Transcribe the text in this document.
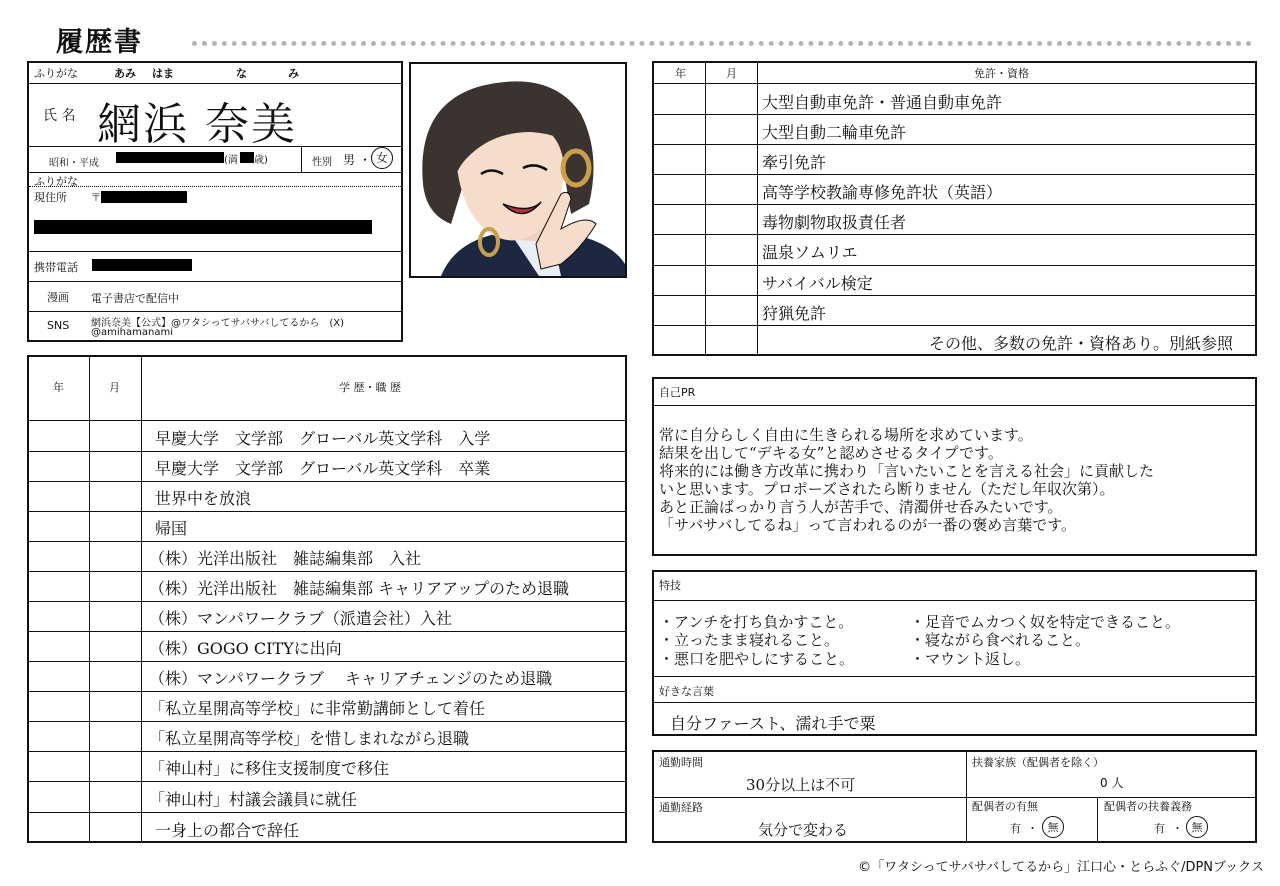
履歴書
ふりがな	あみ はま	な	み
氏 名 網浜 奈美
昭和・平成	(満 歳)	性別 男 ・ 女
ふりがな
現住所 〒
携帯電話
漫画 電子書店で配信中
SNS 網浜奈美【公式】@ワタシってサバサバしてるから　(X)
@amihamanami
年	月	免許・資格
大型自動車免許・普通自動車免許
大型自動二輪車免許
牽引免許
高等学校教諭専修免許状（英語）
毒物劇物取扱責任者
温泉ソムリエ
サバイバル検定
狩猟免許
その他、多数の免許・資格あり。別紙参照
年	月	学 歴・職 歴
早慶大学　文学部　グローバル英文学科　入学
早慶大学　文学部　グローバル英文学科　卒業
世界中を放浪
帰国
（株）光洋出版社　雑誌編集部　入社
（株）光洋出版社　雑誌編集部 キャリアアップのため退職
（株）マンパワークラブ（派遣会社）入社
（株）GOGO CITYに出向
（株）マンパワークラブ　 キャリアチェンジのため退職
「私立星開高等学校」に非常勤講師として着任
「私立星開高等学校」を惜しまれながら退職
「神山村」に移住支援制度で移住
「神山村」村議会議員に就任
一身上の都合で辞任
自己PR
常に自分らしく自由に生きられる場所を求めています。
結果を出して“デキる女”と認めさせるタイプです。
将来的には働き方改革に携わり「言いたいことを言える社会」に貢献した
いと思います。プロポーズされたら断りません（ただし年収次第）。
あと正論ばっかり言う人が苦手で、清濁併せ呑みたいです。
「サバサバしてるね」って言われるのが一番の褒め言葉です。
特技
・アンチを打ち負かすこと。
・立ったまま寝れること。
・悪口を肥やしにすること。
・足音でムカつく奴を特定できること。
・寝ながら食べれること。
・マウント返し。
好きな言葉
自分ファースト、濡れ手で粟
通勤時間
30分以上は不可
通勤経路
気分で変わる
扶養家族（配偶者を除く）
0 人
配偶者の有無
有 ・ 無
配偶者の扶養義務
有 ・ 無
©「ワタシってサバサバしてるから」江口心・とらふぐ/DPNブックス
